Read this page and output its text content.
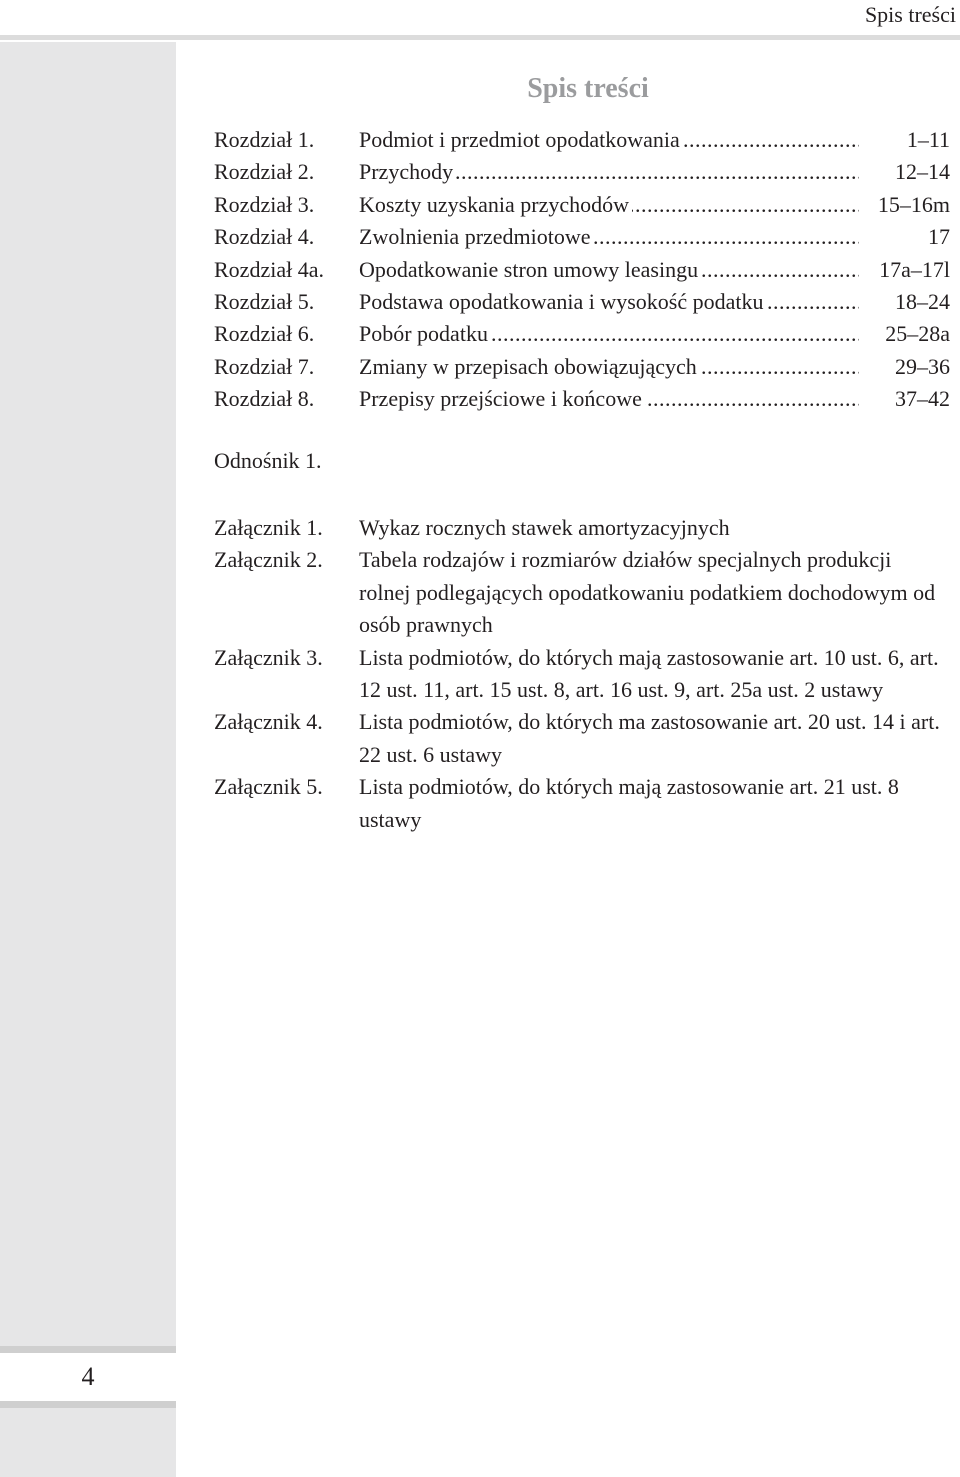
Spis treści
4
Spis treści
Rozdział 1.	Podmiot i przedmiot opodatkowania .....	1–11
Rozdział 2.	Przychody .....	12–14
Rozdział 3.	Koszty uzyskania przychodów .....	15–16m
Rozdział 4.	Zwolnienia przedmiotowe .....	17
Rozdział 4a.	Opodatkowanie stron umowy leasingu .....	17a–17l
Rozdział 5.	Podstawa opodatkowania i wysokość podatku .....	18–24
Rozdział 6.	Pobór podatku .....	25–28a
Rozdział 7.	Zmiany w przepisach obowiązujących .....	29–36
Rozdział 8.	Przepisy przejściowe i końcowe .....	37–42
Odnośnik 1.
Załącznik 1.	Wykaz rocznych stawek amortyzacyjnych
Załącznik 2.	Tabela rodzajów i rozmiarów działów specjalnych produkcji rolnej podlegających opodatkowaniu podatkiem dochodowym od osób prawnych
Załącznik 3.	Lista podmiotów, do których mają zastosowanie art. 10 ust. 6, art. 12 ust. 11, art. 15 ust. 8, art. 16 ust. 9, art. 25a ust. 2 ustawy
Załącznik 4.	Lista podmiotów, do których ma zastosowanie art. 20 ust. 14 i art. 22 ust. 6 ustawy
Załącznik 5.	Lista podmiotów, do których mają zastosowanie art. 21 ust. 8 ustawy
